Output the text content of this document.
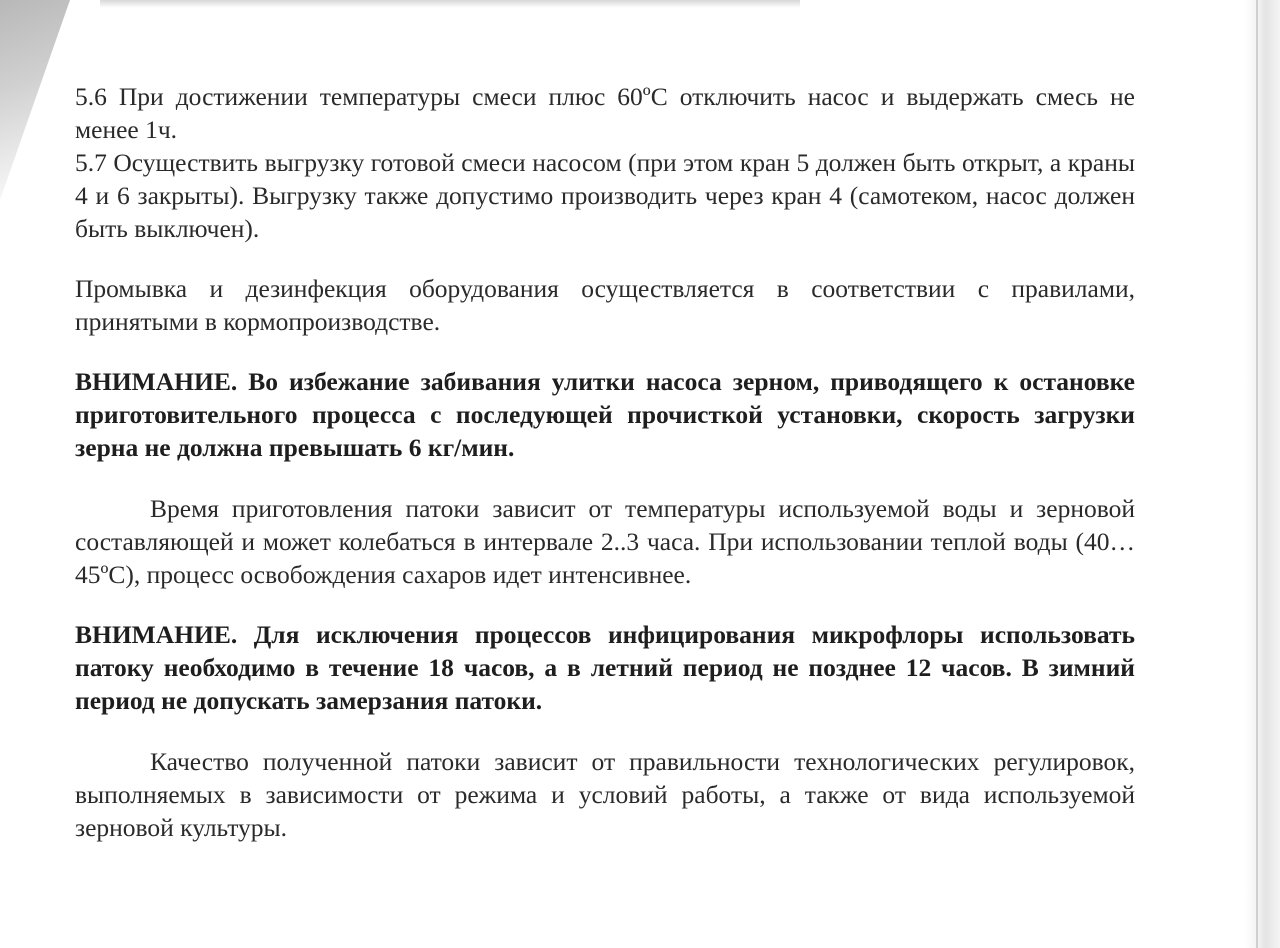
5.6 При достижении температуры смеси плюс 60ºС отключить насос и выдержать смесь не менее 1ч.

5.7 Осуществить выгрузку готовой смеси насосом (при этом кран 5 должен быть открыт, а краны 4 и 6 закрыты). Выгрузку также допустимо производить через кран 4 (самотеком, насос должен быть выключен).

Промывка и дезинфекция оборудования осуществляется в соответствии с правилами, принятыми в кормопроизводстве.

ВНИМАНИЕ. Во избежание забивания улитки насоса зерном, приводящего к остановке приготовительного процесса с последующей прочисткой установки, скорость загрузки зерна не должна превышать 6 кг/мин.

Время приготовления патоки зависит от температуры используемой воды и зерновой составляющей и может колебаться в интервале 2..3 часа. При использовании теплой воды (40…45ºС), процесс освобождения сахаров идет интенсивнее.

ВНИМАНИЕ. Для исключения процессов инфицирования микрофлоры использовать патоку необходимо в течение 18 часов, а в летний период не позднее 12 часов. В зимний период не допускать замерзания патоки.

Качество полученной патоки зависит от правильности технологических регулировок, выполняемых в зависимости от режима и условий работы, а также от вида используемой зерновой культуры.
